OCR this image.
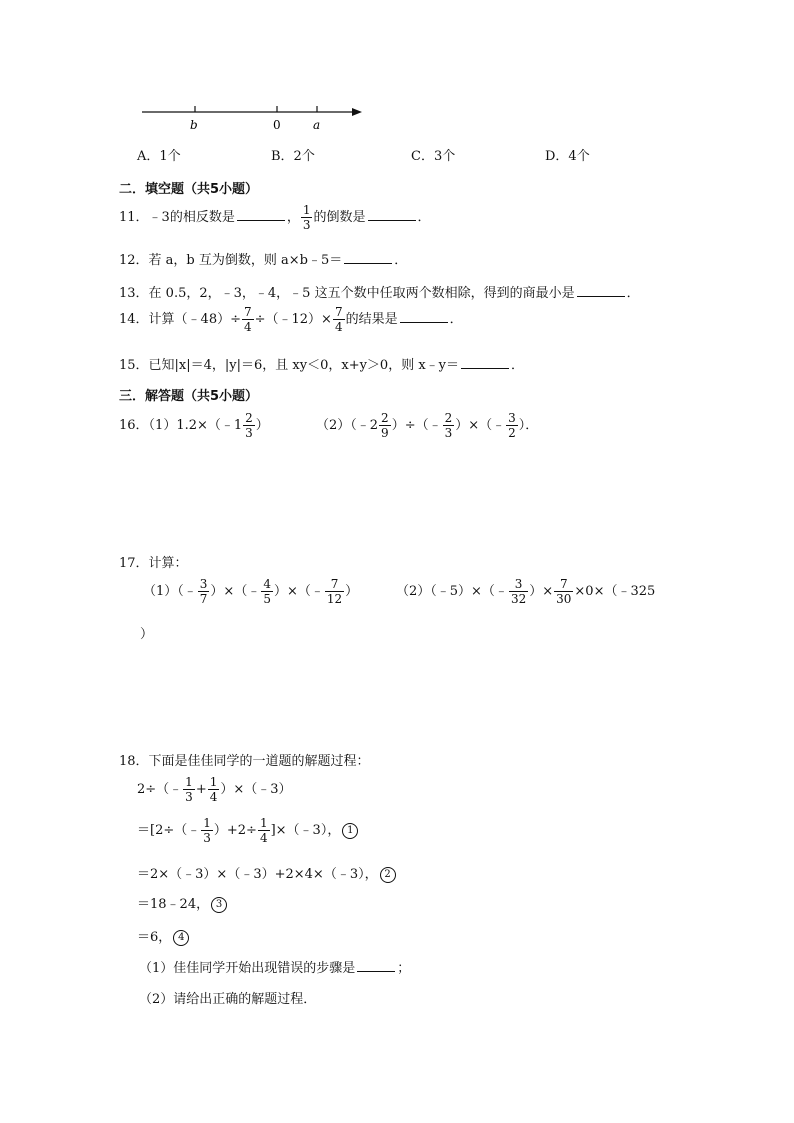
b	0	a
A．1个	B．2个	C．3个	D．4个
二．填空题（共5小题）
11．﹣3的相反数是	， $\frac{1}{3}$ 的倒数是	．
12．若 a，b 互为倒数，则 a×b﹣5＝	．
13．在 0.5，2，﹣3，﹣4，﹣5 这五个数中任取两个数相除，得到的商最小是	．
14．计算（﹣48）÷ $\frac{7}{4}$ ÷（﹣12）× $\frac{7}{4}$ 的结果是	．
15．已知|x|＝4，|y|＝6，且 xy＜0，x+y＞0，则 x﹣y＝	．
三．解答题（共5小题）
16．（1）1.2×（﹣1 $\frac{2}{3}$ ）	（2）（﹣2 $\frac{2}{9}$ ）÷（﹣ $\frac{2}{3}$ ）×（﹣ $\frac{3}{2}$ ）．
17．计算：
（1）（﹣ $\frac{3}{7}$ ）×（﹣ $\frac{4}{5}$ ）×（﹣ $\frac{7}{12}$ ）	（2）（﹣5）×（﹣ $\frac{3}{32}$ ）× $\frac{7}{30}$ ×0×（﹣325
）
18．下面是佳佳同学的一道题的解题过程：
2÷（﹣ $\frac{1}{3} + \frac{1}{4}$ ）×（﹣3）
＝[2÷（﹣ $\frac{1}{3} )+2\div \frac{1}{4}$ ]×（﹣3）， 1
＝2×（﹣3）×（﹣3）+2×4×（﹣3）， 2
＝18﹣24， 3
＝6， 4
（1）佳佳同学开始出现错误的步骤是	；
（2）请给出正确的解题过程．
